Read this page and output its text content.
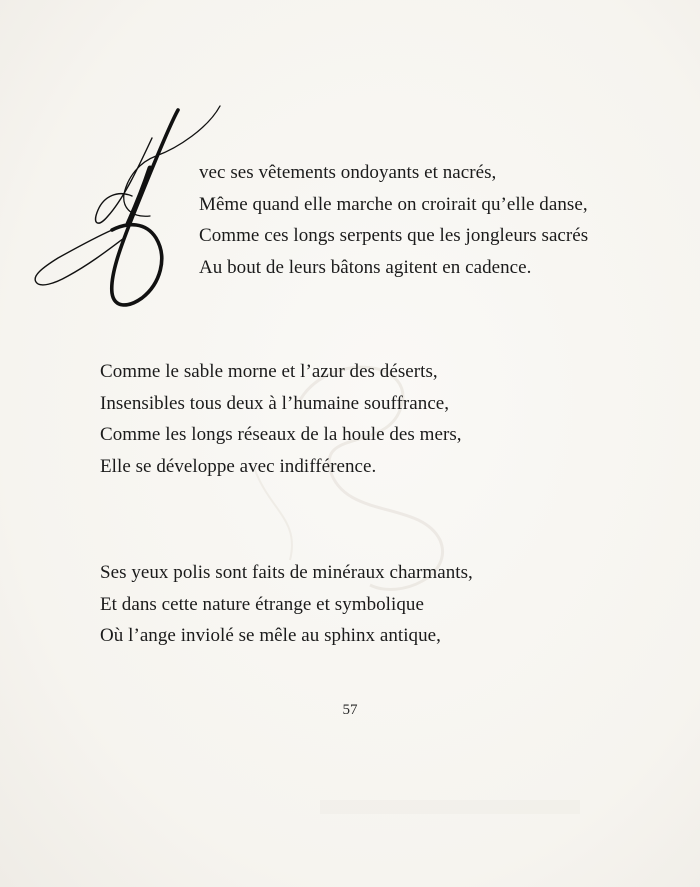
vec ses vêtements ondoyants et nacrés,
Même quand elle marche on croirait qu’elle danse,
Comme ces longs serpents que les jongleurs sacrés
Au bout de leurs bâtons agitent en cadence.
Comme le sable morne et l’azur des déserts,
Insensibles tous deux à l’humaine souffrance,
Comme les longs réseaux de la houle des mers,
Elle se développe avec indifférence.
Ses yeux polis sont faits de minéraux charmants,
Et dans cette nature étrange et symbolique
Où l’ange inviolé se mêle au sphinx antique,
57
